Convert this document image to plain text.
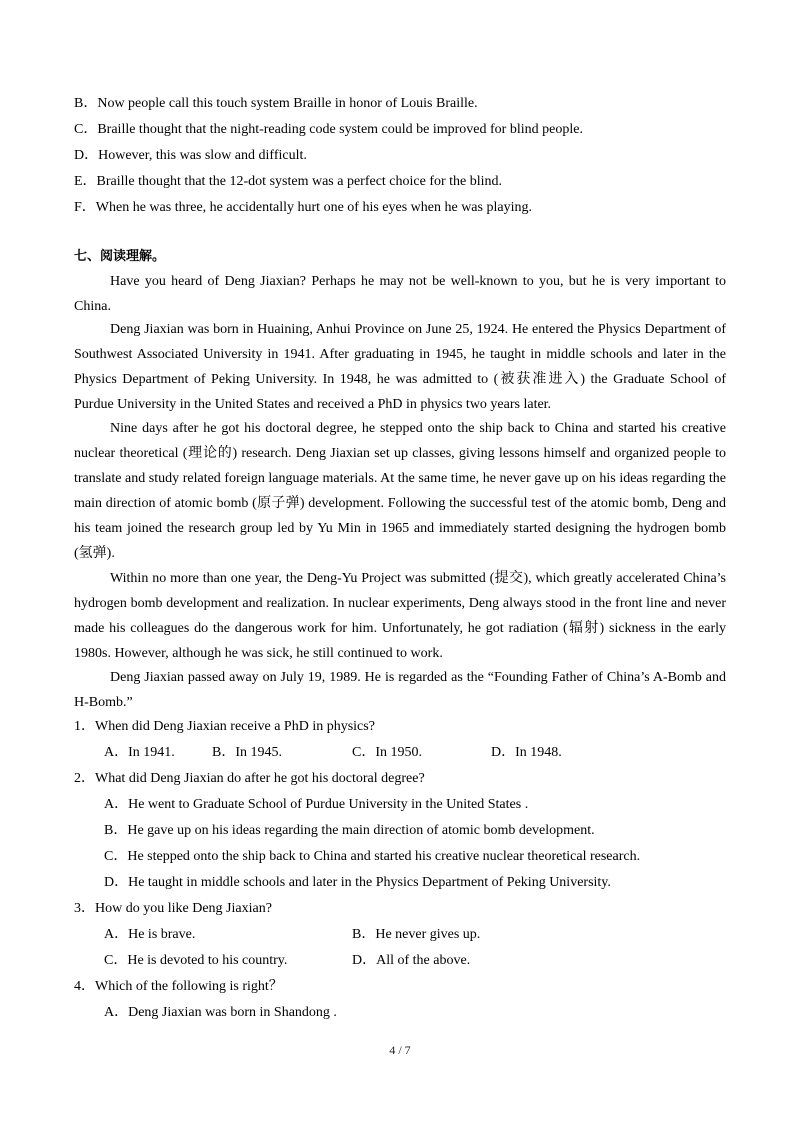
B．Now people call this touch system Braille in honor of Louis Braille.
C．Braille thought that the night-reading code system could be improved for blind people.
D．However, this was slow and difficult.
E．Braille thought that the 12-dot system was a perfect choice for the blind.
F．When he was three, he accidentally hurt one of his eyes when he was playing.
七、阅读理解。
Have you heard of Deng Jiaxian? Perhaps he may not be well-known to you, but he is very important to China.
Deng Jiaxian was born in Huaining, Anhui Province on June 25, 1924. He entered the Physics Department of Southwest Associated University in 1941. After graduating in 1945, he taught in middle schools and later in the Physics Department of Peking University. In 1948, he was admitted to (被获准进入) the Graduate School of Purdue University in the United States and received a PhD in physics two years later.
Nine days after he got his doctoral degree, he stepped onto the ship back to China and started his creative nuclear theoretical (理论的) research. Deng Jiaxian set up classes, giving lessons himself and organized people to translate and study related foreign language materials. At the same time, he never gave up on his ideas regarding the main direction of atomic bomb (原子弹) development. Following the successful test of the atomic bomb, Deng and his team joined the research group led by Yu Min in 1965 and immediately started designing the hydrogen bomb (氢弹).
Within no more than one year, the Deng-Yu Project was submitted (提交), which greatly accelerated China’s hydrogen bomb development and realization. In nuclear experiments, Deng always stood in the front line and never made his colleagues do the dangerous work for him. Unfortunately, he got radiation (辐射) sickness in the early 1980s. However, although he was sick, he still continued to work.
Deng Jiaxian passed away on July 19, 1989. He is regarded as the “Founding Father of China’s A-Bomb and H-Bomb.”
1．When did Deng Jiaxian receive a PhD in physics?
A．In 1941.	B．In 1945.	C．In 1950.	D．In 1948.
2．What did Deng Jiaxian do after he got his doctoral degree?
A．He went to Graduate School of Purdue University in the United States .
B．He gave up on his ideas regarding the main direction of atomic bomb development.
C．He stepped onto the ship back to China and started his creative nuclear theoretical research.
D．He taught in middle schools and later in the Physics Department of Peking University.
3．How do you like Deng Jiaxian?
A．He is brave.	B．He never gives up.
C．He is devoted to his country.	D．All of the above.
4．Which of the following is right？
A．Deng Jiaxian was born in Shandong .
4 / 7
